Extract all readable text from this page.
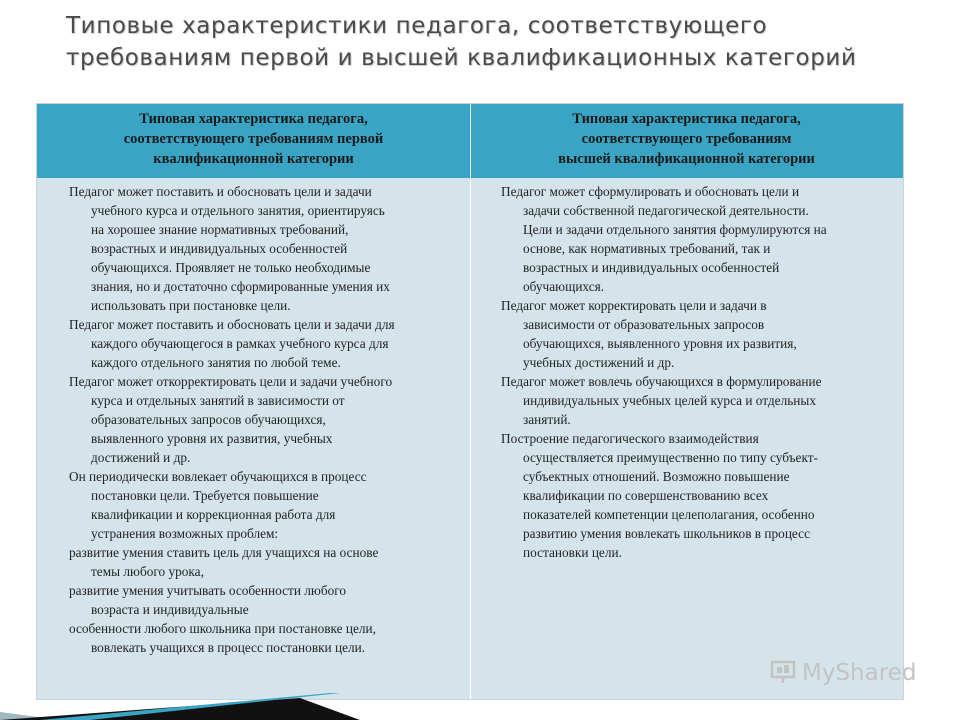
Типовые характеристики педагога, соответствующего
требованиям первой и высшей квалификационных категорий
Типовая характеристика педагога,
соответствующего требованиям первой
квалификационной категории
Типовая характеристика педагога,
соответствующего требованиям
высшей квалификационной категории
Педагог может поставить и обосновать цели и задачи
учебного курса и отдельного занятия, ориентируясь
на хорошее знание нормативных требований,
возрастных и индивидуальных особенностей
обучающихся. Проявляет не только необходимые
знания, но и достаточно сформированные умения их
использовать при постановке цели.
Педагог может поставить и обосновать цели и задачи для
каждого обучающегося в рамках учебного курса для
каждого отдельного занятия по любой теме.
Педагог может откорректировать цели и задачи учебного
курса и отдельных занятий в зависимости от
образовательных запросов обучающихся,
выявленного уровня их развития, учебных
достижений и др.
Он периодически вовлекает обучающихся в процесс
постановки цели. Требуется повышение
квалификации и коррекционная работа для
устранения возможных проблем:
развитие умения ставить цель для учащихся на основе
темы любого урока,
развитие умения учитывать особенности любого
возраста и индивидуальные
особенности любого школьника при постановке цели,
вовлекать учащихся в процесс постановки цели.
Педагог может сформулировать и обосновать цели и
задачи собственной педагогической деятельности.
Цели и задачи отдельного занятия формулируются на
основе, как нормативных требований, так и
возрастных и индивидуальных особенностей
обучающихся.
Педагог может корректировать цели и задачи в
зависимости от образовательных запросов
обучающихся, выявленного уровня их развития,
учебных достижений и др.
Педагог может вовлечь обучающихся в формулирование
индивидуальных учебных целей курса и отдельных
занятий.
Построение педагогического взаимодействия
осуществляется преимущественно по типу субъект-
субъектных отношений. Возможно повышение
квалификации по совершенствованию всех
показателей компетенции целеполагания, особенно
развитию умения вовлекать школьников в процесс
постановки цели.
MyShared
